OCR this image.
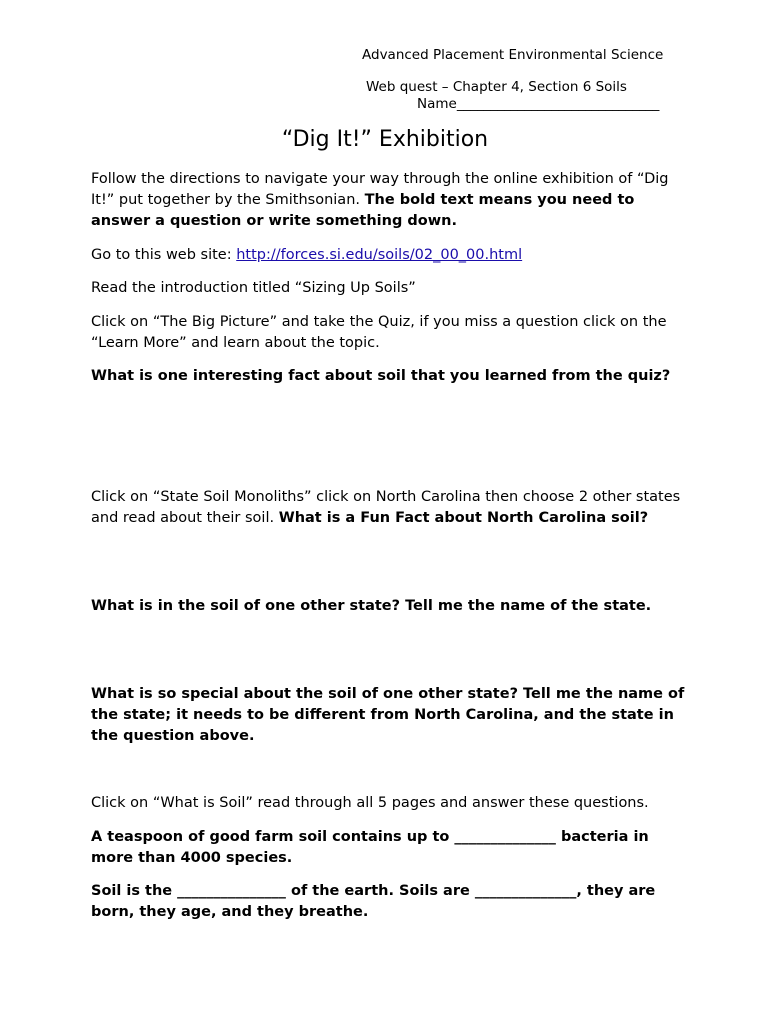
Advanced Placement Environmental Science
Web quest – Chapter 4, Section 6 Soils
Name______________________________
“Dig It!” Exhibition

Follow the directions to navigate your way through the online exhibition of “Dig It!” put together by the Smithsonian. The bold text means you need to answer a question or write something down.

Go to this web site: http://forces.si.edu/soils/02_00_00.html

Read the introduction titled “Sizing Up Soils”

Click on “The Big Picture” and take the Quiz, if you miss a question click on the “Learn More” and learn about the topic.

What is one interesting fact about soil that you learned from the quiz?

Click on “State Soil Monoliths” click on North Carolina then choose 2 other states and read about their soil. What is a Fun Fact about North Carolina soil?

What is in the soil of one other state? Tell me the name of the state.

What is so special about the soil of one other state? Tell me the name of the state; it needs to be different from North Carolina, and the state in the question above.

Click on “What is Soil” read through all 5 pages and answer these questions.

A teaspoon of good farm soil contains up to ______________ bacteria in more than 4000 species.

Soil is the _______________ of the earth. Soils are ______________, they are born, they age, and they breathe.
